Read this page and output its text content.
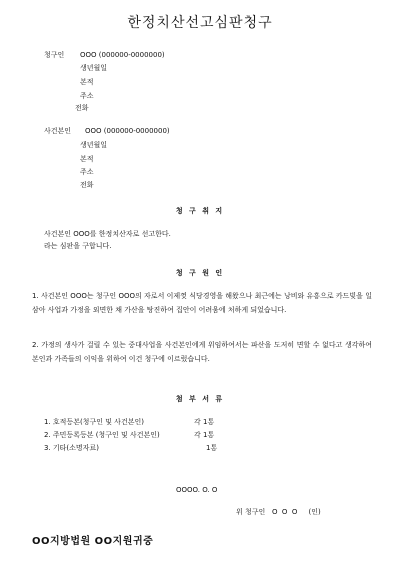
한정치산선고심판청구
청구인 OOO (000000-0000000)
생년월일
본적
주소
전화
사건본인 OOO (000000-0000000)
생년월일
본적
주소
전화
청 구 취 지
사건본인 OOO를 한정치산자로 선고한다.
라는 심판을 구합니다.
청 구 원 인
1. 사건본인 OOO는 청구인 OOO의 자로서 이제껏 식당경영을 해왔으나 최근에는 낭비와 유흥으로 카드빚을 일삼아 사업과 가정을 외면한 채 가산을 탕진하여 집안이 어려움에 처하게 되었습니다.
2. 가정의 생사가 걸릴 수 있는 중대사업을 사건본인에게 위임하여서는 파산을 도저히 면할 수 없다고 생각하여 본인과 가족들의 이익을 위하여 이건 청구에 이르렀습니다.
첨 부 서 류
1. 호적등본(청구인 및 사건본인)	각 1통
2. 주민등록등본 (청구인 및 사건본인)	각 1통
3. 기타(소명자료)	1통
OOOO. O. O
위 청구인   O  O  O     (인)
OO지방법원 OO지원귀중
